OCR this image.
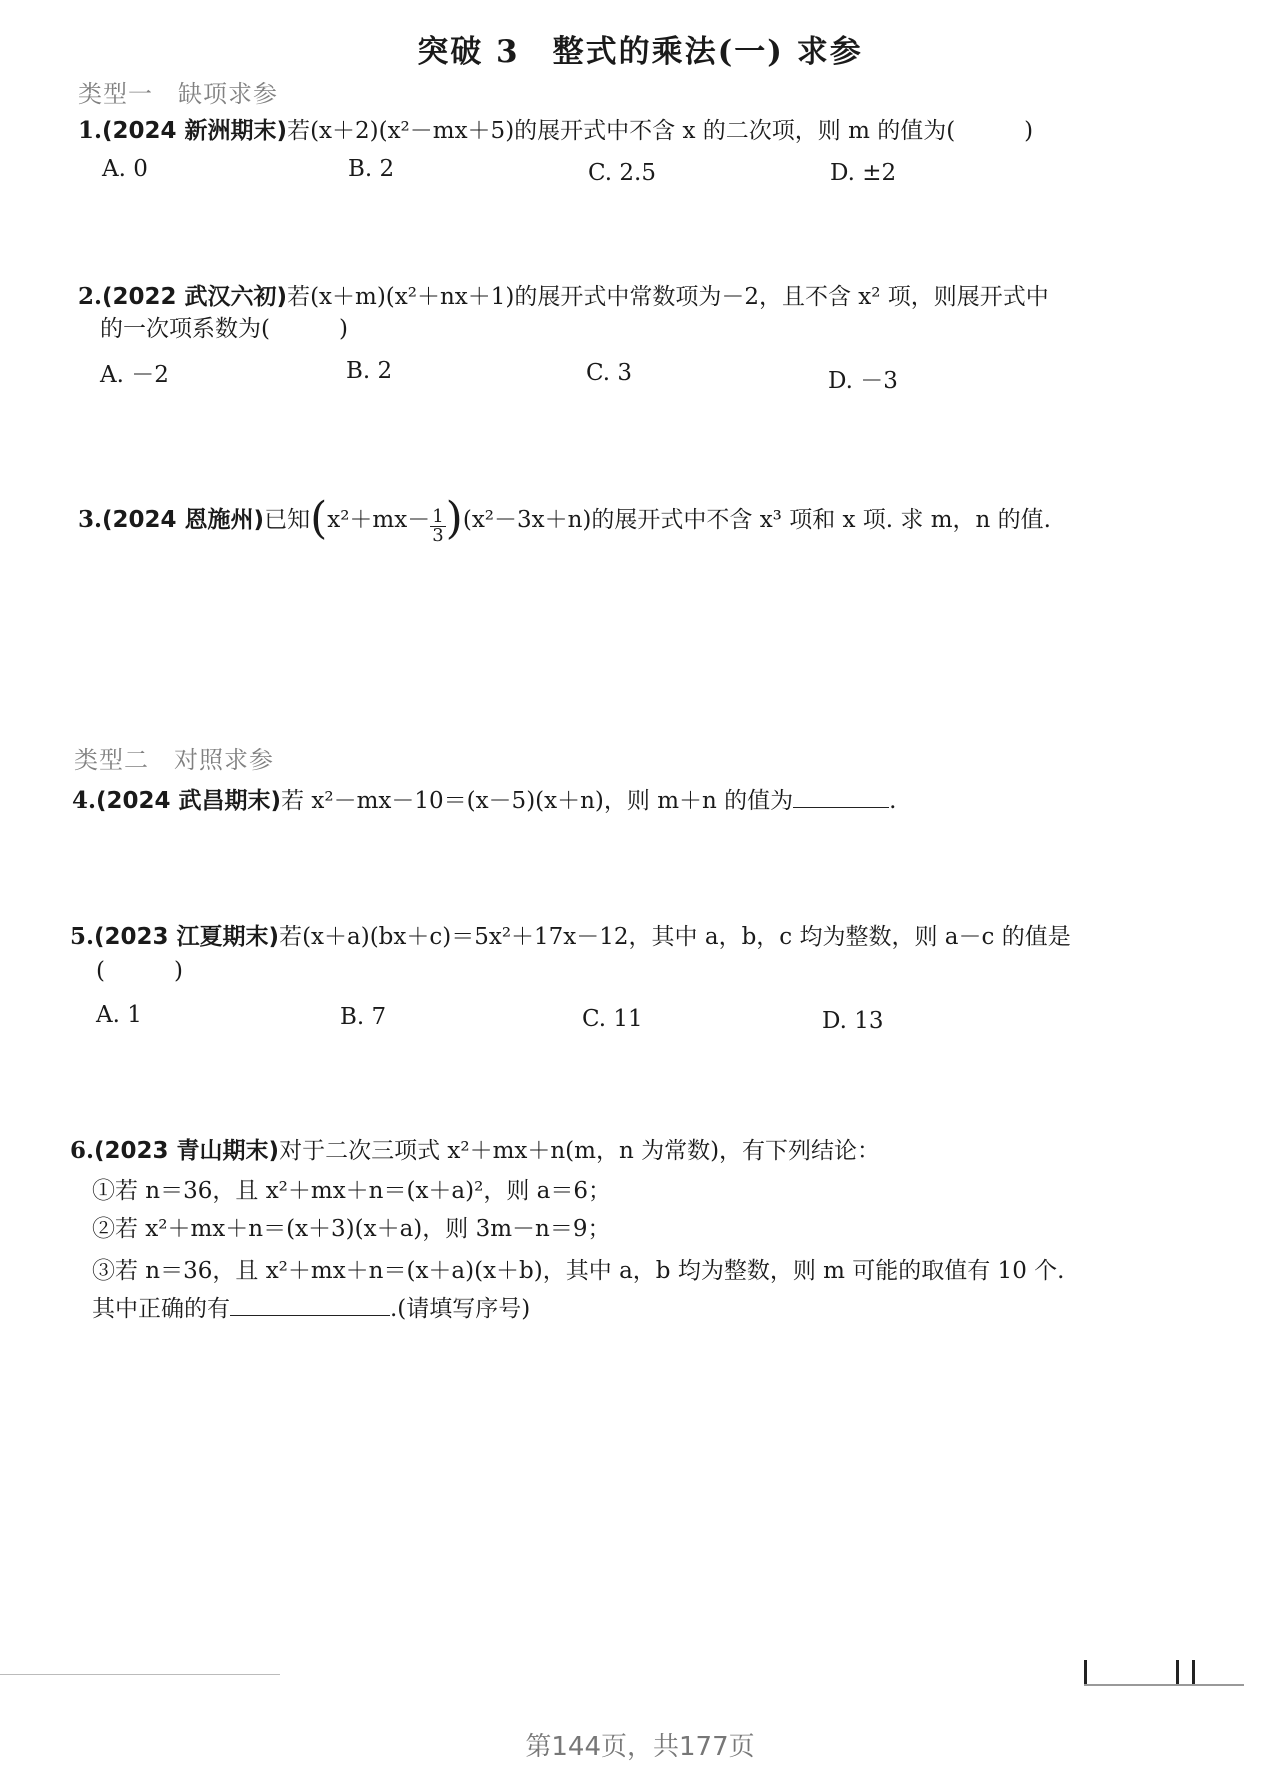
突破 3　整式的乘法(一) 求参
类型一　缺项求参
1.(2024 新洲期末)若(x＋2)(x²－mx＋5)的展开式中不含 x 的二次项，则 m 的值为(　　　)
A. 0	B. 2	C. 2.5	D. ±2
2.(2022 武汉六初)若(x＋m)(x²＋nx＋1)的展开式中常数项为－2，且不含 x² 项，则展开式中
的一次项系数为(　　　)
A. －2	B. 2	C. 3	D. －3
3.(2024 恩施州)已知$(x^2+mx- \frac{1}{3} )(x^2-3x+n)$的展开式中不含 x³ 项和 x 项. 求 m，n 的值.
类型二　对照求参
4.(2024 武昌期末)若 x²－mx－10＝(x－5)(x＋n)，则 m＋n 的值为	.
5.(2023 江夏期末)若(x＋a)(bx＋c)＝5x²＋17x－12，其中 a，b，c 均为整数，则 a－c 的值是
(　　　)
A. 1	B. 7	C. 11	D. 13
6.(2023 青山期末)对于二次三项式 x²＋mx＋n(m，n 为常数)，有下列结论：
①若 n＝36，且 x²＋mx＋n＝(x＋a)²，则 a＝6；
②若 x²＋mx＋n＝(x＋3)(x＋a)，则 3m－n＝9；
③若 n＝36，且 x²＋mx＋n＝(x＋a)(x＋b)，其中 a，b 均为整数，则 m 可能的取值有 10 个.
其中正确的有	.(请填写序号)
第144页，共177页
